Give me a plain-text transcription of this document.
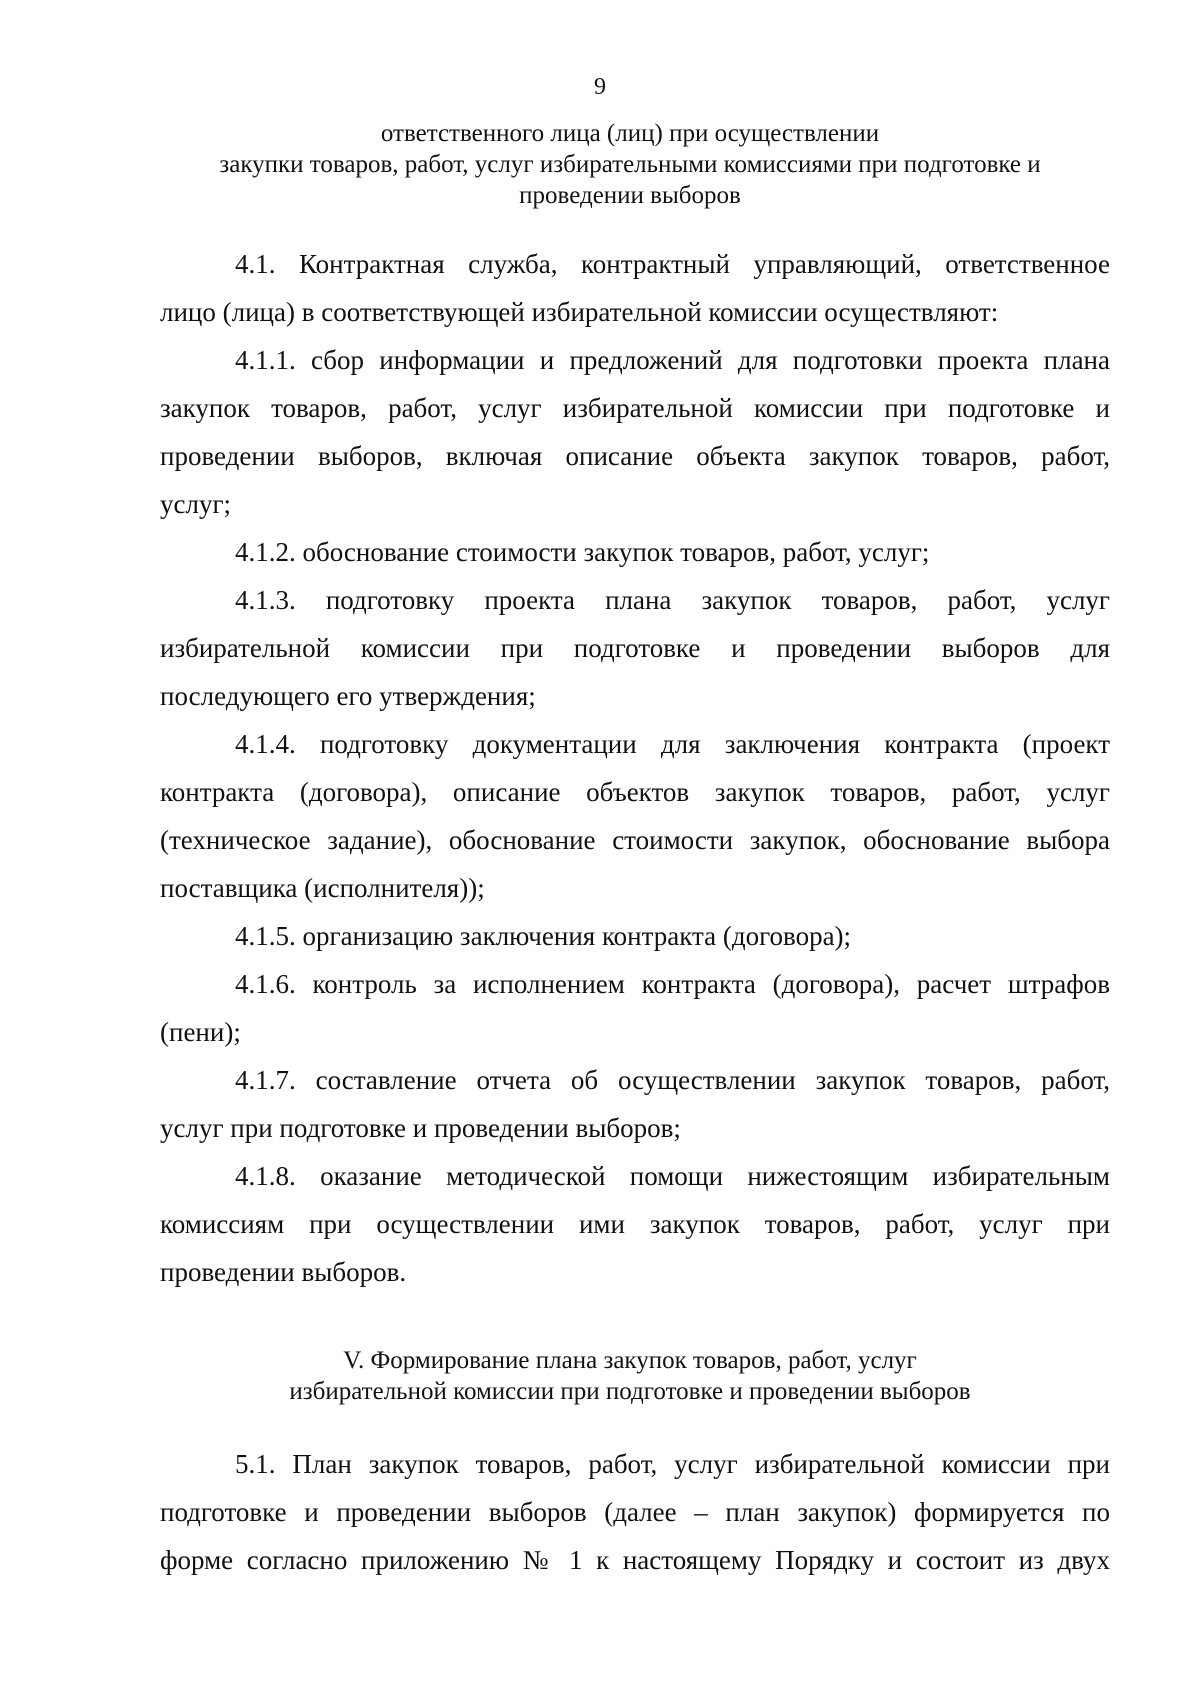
9
ответственного лица (лиц) при осуществлении
закупки товаров, работ, услуг избирательными комиссиями при подготовке и
проведении выборов
4.1. Контрактная служба, контрактный управляющий, ответственное
лицо (лица) в соответствующей избирательной комиссии осуществляют:
4.1.1. сбор информации и предложений для подготовки проекта плана
закупок товаров, работ, услуг избирательной комиссии при подготовке и
проведении выборов, включая описание объекта закупок товаров, работ,
услуг;
4.1.2. обоснование стоимости закупок товаров, работ, услуг;
4.1.3. подготовку проекта плана закупок товаров, работ, услуг
избирательной комиссии при подготовке и проведении выборов для
последующего его утверждения;
4.1.4. подготовку документации для заключения контракта (проект
контракта (договора), описание объектов закупок товаров, работ, услуг
(техническое задание), обоснование стоимости закупок, обоснование выбора
поставщика (исполнителя));
4.1.5. организацию заключения контракта (договора);
4.1.6. контроль за исполнением контракта (договора), расчет штрафов
(пени);
4.1.7. составление отчета об осуществлении закупок товаров, работ,
услуг при подготовке и проведении выборов;
4.1.8. оказание методической помощи нижестоящим избирательным
комиссиям при осуществлении ими закупок товаров, работ, услуг при
проведении выборов.
V. Формирование плана закупок товаров, работ, услуг
избирательной комиссии при подготовке и проведении выборов
5.1. План закупок товаров, работ, услуг избирательной комиссии при
подготовке и проведении выборов (далее – план закупок) формируется по
форме согласно приложению № 1 к настоящему Порядку и состоит из двух
